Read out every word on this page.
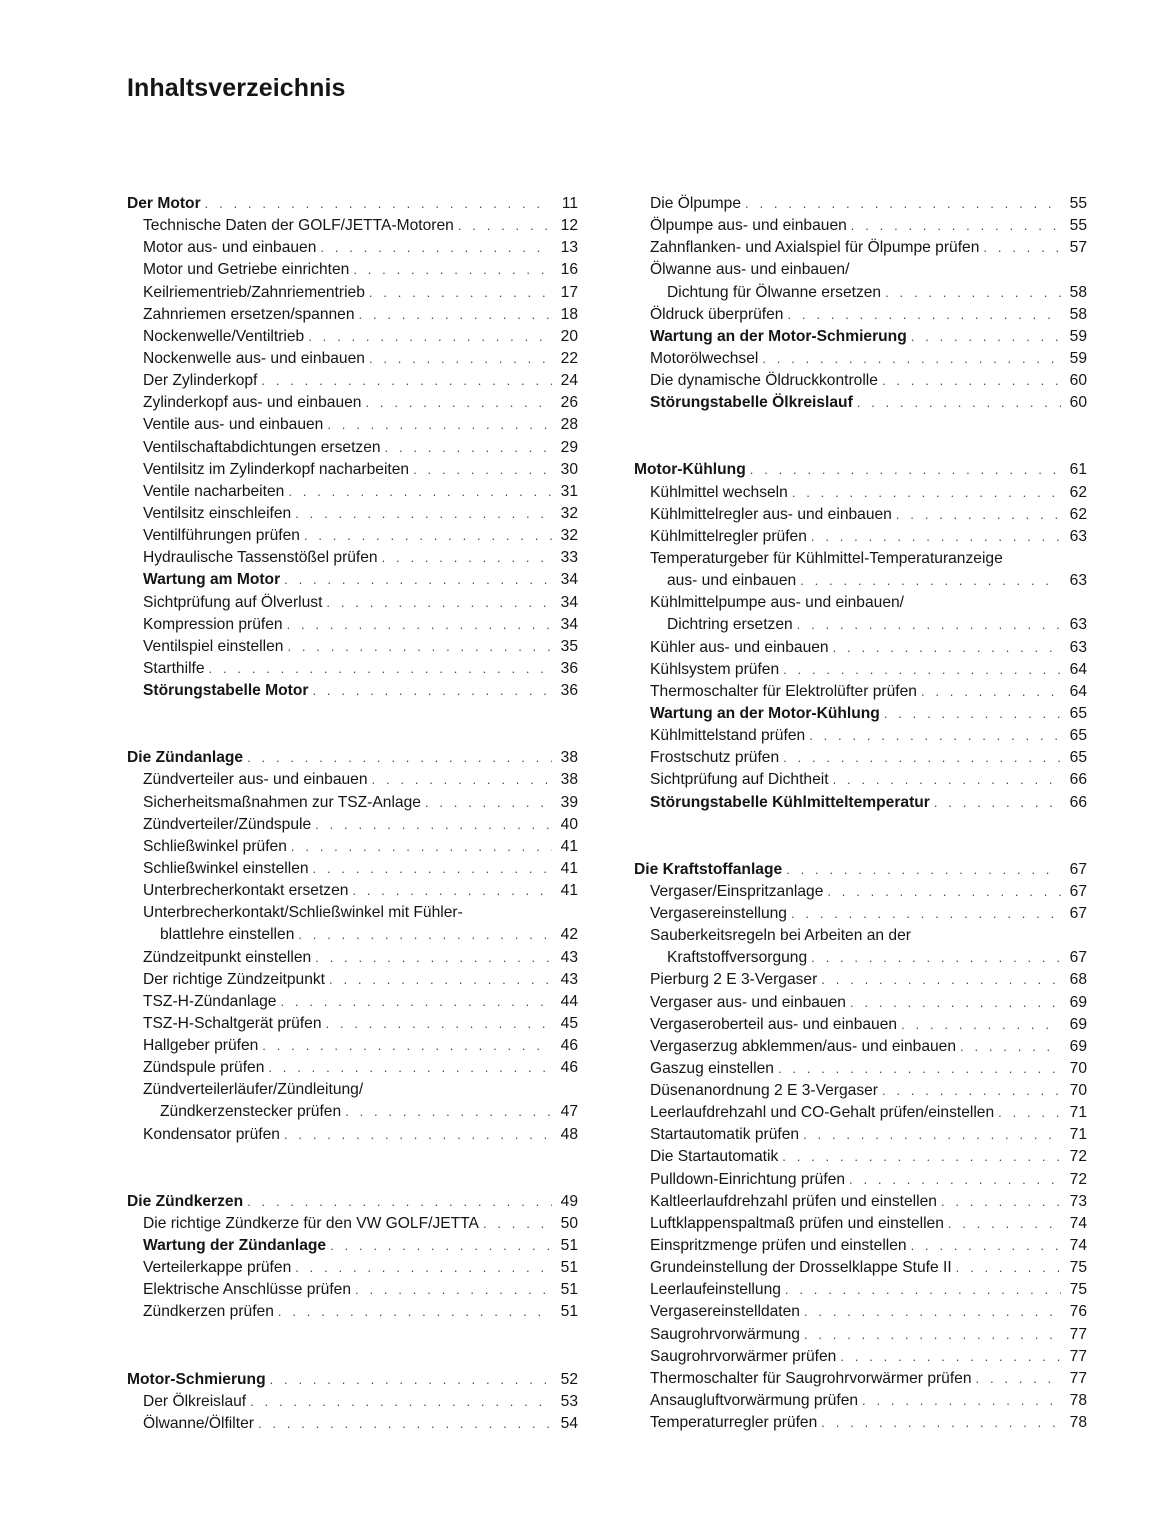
Inhaltsverzeichnis
Der Motor . . .	11
Technische Daten der GOLF/JETTA-Motoren . . .	12
Motor aus- und einbauen . . .	13
Motor und Getriebe einrichten . . .	16
Keilriementrieb/Zahnriementrieb . . .	17
Zahnriemen ersetzen/spannen . . .	18
Nockenwelle/Ventiltrieb . . .	20
Nockenwelle aus- und einbauen . . .	22
Der Zylinderkopf . . .	24
Zylinderkopf aus- und einbauen . . .	26
Ventile aus- und einbauen . . .	28
Ventilschaftabdichtungen ersetzen . . .	29
Ventilsitz im Zylinderkopf nacharbeiten . . .	30
Ventile nacharbeiten . . .	31
Ventilsitz einschleifen . . .	32
Ventilführungen prüfen . . .	32
Hydraulische Tassenstößel prüfen . . .	33
Wartung am Motor . . .	34
Sichtprüfung auf Ölverlust . . .	34
Kompression prüfen . . .	34
Ventilspiel einstellen . . .	35
Starthilfe . . .	36
Störungstabelle Motor . . .	36
Die Zündanlage . . .	38
Zündverteiler aus- und einbauen . . .	38
Sicherheitsmaßnahmen zur TSZ-Anlage . . .	39
Zündverteiler/Zündspule . . .	40
Schließwinkel prüfen . . .	41
Schließwinkel einstellen . . .	41
Unterbrecherkontakt ersetzen . . .	41
Unterbrecherkontakt/Schließwinkel mit Fühler-
blattlehre einstellen . . .	42
Zündzeitpunkt einstellen . . .	43
Der richtige Zündzeitpunkt . . .	43
TSZ-H-Zündanlage . . .	44
TSZ-H-Schaltgerät prüfen . . .	45
Hallgeber prüfen . . .	46
Zündspule prüfen . . .	46
Zündverteilerläufer/Zündleitung/
Zündkerzenstecker prüfen . . .	47
Kondensator prüfen . . .	48
Die Zündkerzen . . .	49
Die richtige Zündkerze für den VW GOLF/JETTA . . .	50
Wartung der Zündanlage . . .	51
Verteilerkappe prüfen . . .	51
Elektrische Anschlüsse prüfen . . .	51
Zündkerzen prüfen . . .	51
Motor-Schmierung . . .	52
Der Ölkreislauf . . .	53
Ölwanne/Ölfilter . . .	54
Die Ölpumpe . . .	55
Ölpumpe aus- und einbauen . . .	55
Zahnflanken- und Axialspiel für Ölpumpe prüfen . . .	57
Ölwanne aus- und einbauen/
Dichtung für Ölwanne ersetzen . . .	58
Öldruck überprüfen . . .	58
Wartung an der Motor-Schmierung . . .	59
Motorölwechsel . . .	59
Die dynamische Öldruckkontrolle . . .	60
Störungstabelle Ölkreislauf . . .	60
Motor-Kühlung . . .	61
Kühlmittel wechseln . . .	62
Kühlmittelregler aus- und einbauen . . .	62
Kühlmittelregler prüfen . . .	63
Temperaturgeber für Kühlmittel-Temperaturanzeige
aus- und einbauen . . .	63
Kühlmittelpumpe aus- und einbauen/
Dichtring ersetzen . . .	63
Kühler aus- und einbauen . . .	63
Kühlsystem prüfen . . .	64
Thermoschalter für Elektrolüfter prüfen . . .	64
Wartung an der Motor-Kühlung . . .	65
Kühlmittelstand prüfen . . .	65
Frostschutz prüfen . . .	65
Sichtprüfung auf Dichtheit . . .	66
Störungstabelle Kühlmitteltemperatur . . .	66
Die Kraftstoffanlage . . .	67
Vergaser/Einspritzanlage . . .	67
Vergasereinstellung . . .	67
Sauberkeitsregeln bei Arbeiten an der
Kraftstoffversorgung . . .	67
Pierburg 2 E 3-Vergaser . . .	68
Vergaser aus- und einbauen . . .	69
Vergaseroberteil aus- und einbauen . . .	69
Vergaserzug abklemmen/aus- und einbauen . . .	69
Gaszug einstellen . . .	70
Düsenanordnung 2 E 3-Vergaser . . .	70
Leerlaufdrehzahl und CO-Gehalt prüfen/einstellen . . .	71
Startautomatik prüfen . . .	71
Die Startautomatik . . .	72
Pulldown-Einrichtung prüfen . . .	72
Kaltleerlaufdrehzahl prüfen und einstellen . . .	73
Luftklappenspaltmaß prüfen und einstellen . . .	74
Einspritzmenge prüfen und einstellen . . .	74
Grundeinstellung der Drosselklappe Stufe II . . .	75
Leerlaufeinstellung . . .	75
Vergasereinstelldaten . . .	76
Saugrohrvorwärmung . . .	77
Saugrohrvorwärmer prüfen . . .	77
Thermoschalter für Saugrohrvorwärmer prüfen . . .	77
Ansaugluftvorwärmung prüfen . . .	78
Temperaturregler prüfen . . .	78
